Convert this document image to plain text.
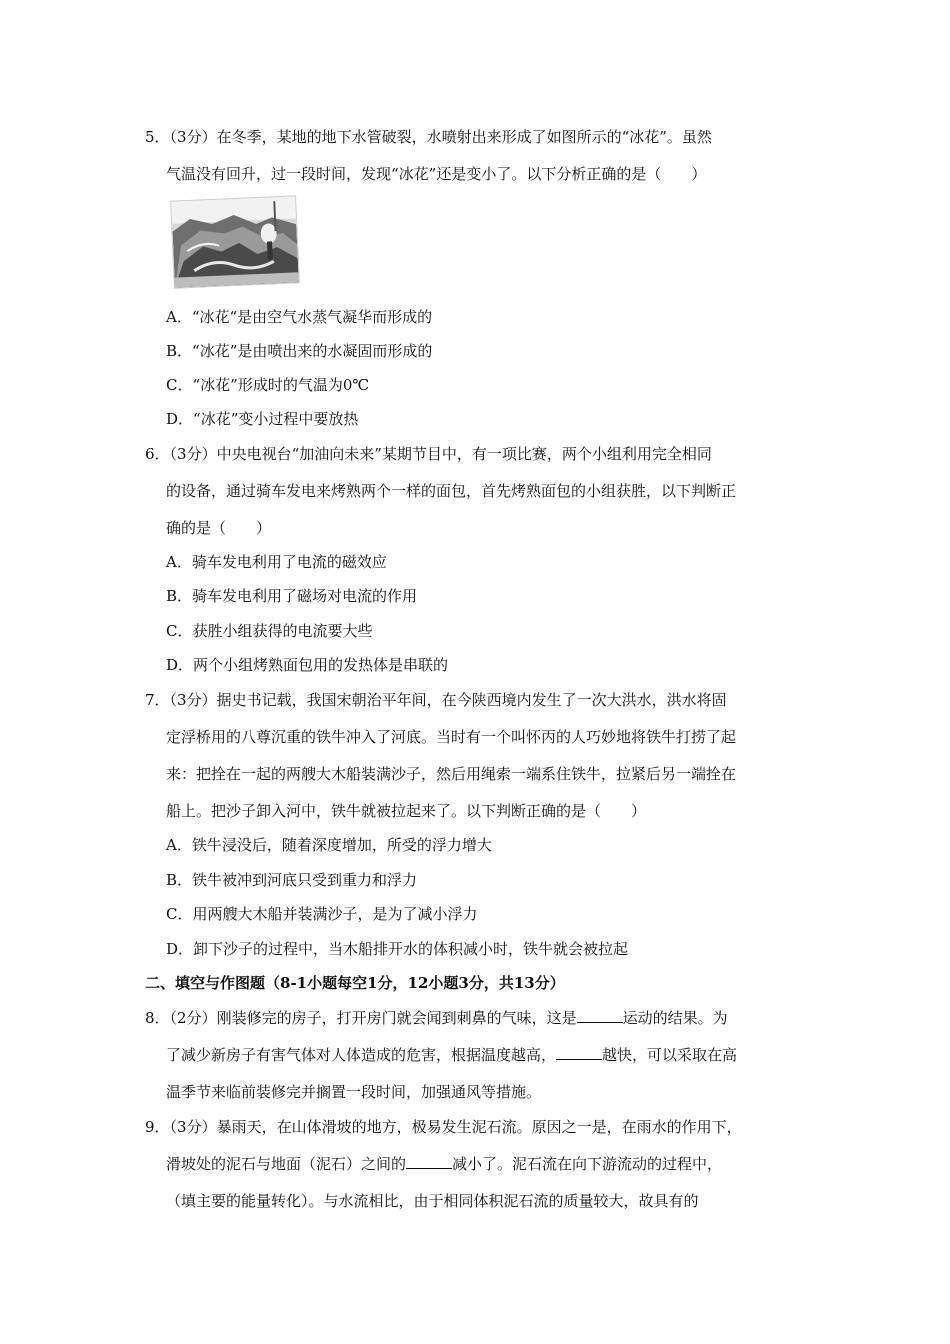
5．（3分）在冬季，某地的地下水管破裂，水喷射出来形成了如图所示的“冰花”。虽然
气温没有回升，过一段时间，发现“冰花”还是变小了。以下分析正确的是（　　）
A．“冰花“是由空气水蒸气凝华而形成的
B．“冰花”是由喷出来的水凝固而形成的
C．“冰花”形成时的气温为0℃
D．“冰花”变小过程中要放热
6．（3分）中央电视台“加油向未来”某期节目中，有一项比赛，两个小组利用完全相同
的设备，通过骑车发电来烤熟两个一样的面包，首先烤熟面包的小组获胜，以下判断正
确的是（　　）
A．骑车发电利用了电流的磁效应
B．骑车发电利用了磁场对电流的作用
C．获胜小组获得的电流要大些
D．两个小组烤熟面包用的发热体是串联的
7．（3分）据史书记载，我国宋朝治平年间，在今陕西境内发生了一次大洪水，洪水将固
定浮桥用的八尊沉重的铁牛冲入了河底。当时有一个叫怀丙的人巧妙地将铁牛打捞了起
来：把拴在一起的两艘大木船装满沙子，然后用绳索一端系住铁牛，拉紧后另一端拴在
船上。把沙子卸入河中，铁牛就被拉起来了。以下判断正确的是（　　）
A．铁牛浸没后，随着深度增加，所受的浮力增大
B．铁牛被冲到河底只受到重力和浮力
C．用两艘大木船并装满沙子，是为了减小浮力
D．卸下沙子的过程中，当木船排开水的体积减小时，铁牛就会被拉起
二、填空与作图题（8-1小题每空1分，12小题3分，共13分）
8．（2分）刚装修完的房子，打开房门就会闻到刺鼻的气味，这是	运动的结果。为
了减少新房子有害气体对人体造成的危害，根据温度越高，	越快，可以采取在高
温季节来临前装修完并搁置一段时间，加强通风等措施。
9．（3分）暴雨天，在山体滑坡的地方，极易发生泥石流。原因之一是，在雨水的作用下，
滑坡处的泥石与地面（泥石）之间的	减小了。泥石流在向下游流动的过程中，
（填主要的能量转化）。与水流相比，由于相同体积泥石流的质量较大，故具有的
